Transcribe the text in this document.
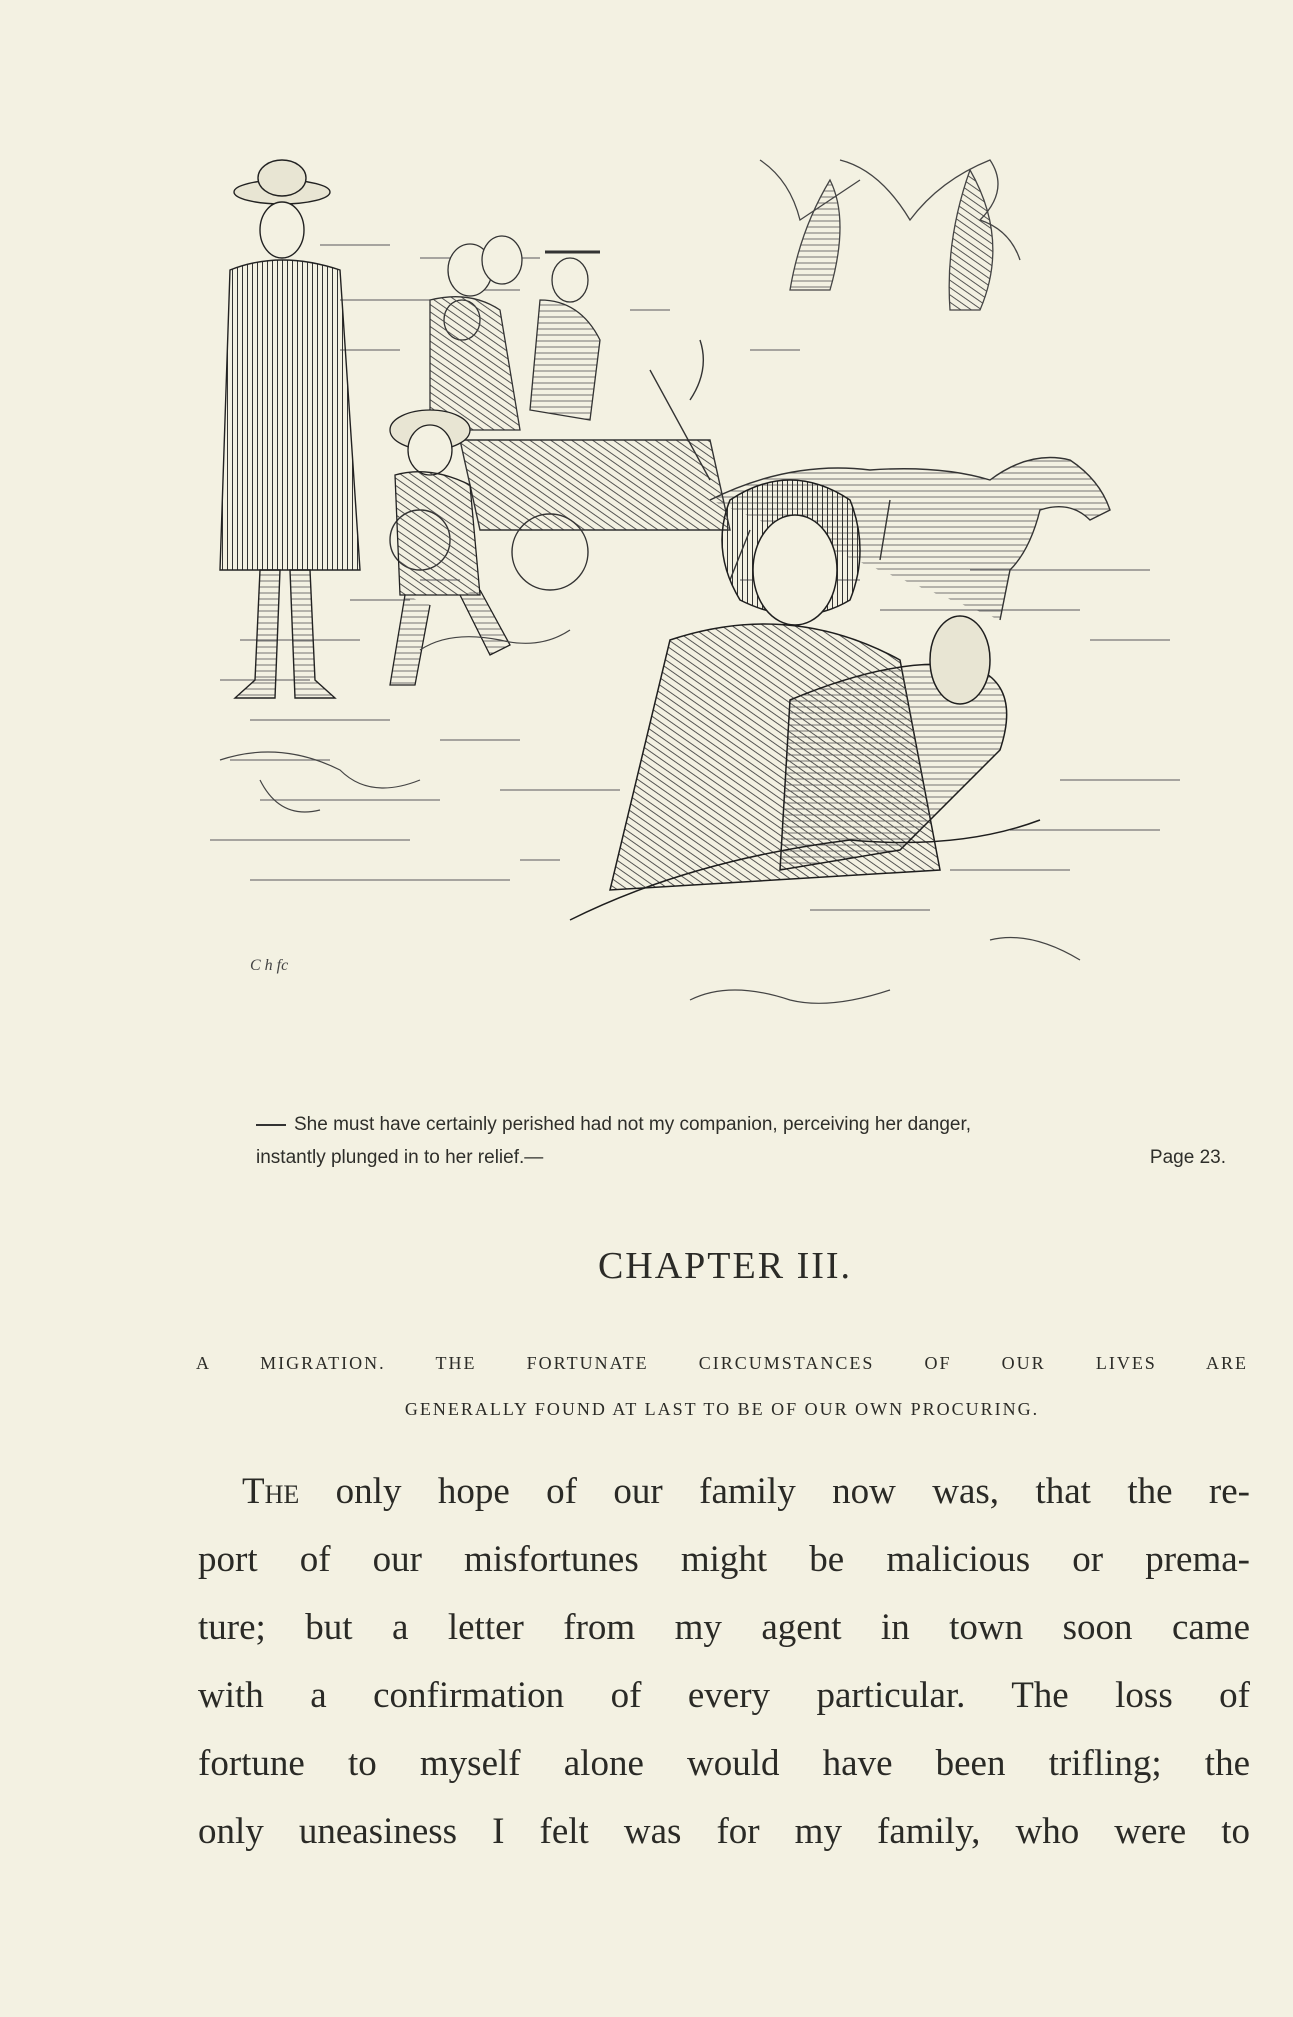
C h fc
She must have certainly perished had not my companion, perceiving her danger,
instantly plunged in to her relief.—	Page 23.
CHAPTER III.
A MIGRATION. THE FORTUNATE CIRCUMSTANCES OF OUR LIVES ARE
GENERALLY FOUND AT LAST TO BE OF OUR OWN PROCURING.
The only hope of our family now was, that the re-
port of our misfortunes might be malicious or prema-
ture; but a letter from my agent in town soon came
with a confirmation of every particular. The loss of
fortune to myself alone would have been trifling; the
only uneasiness I felt was for my family, who were to
